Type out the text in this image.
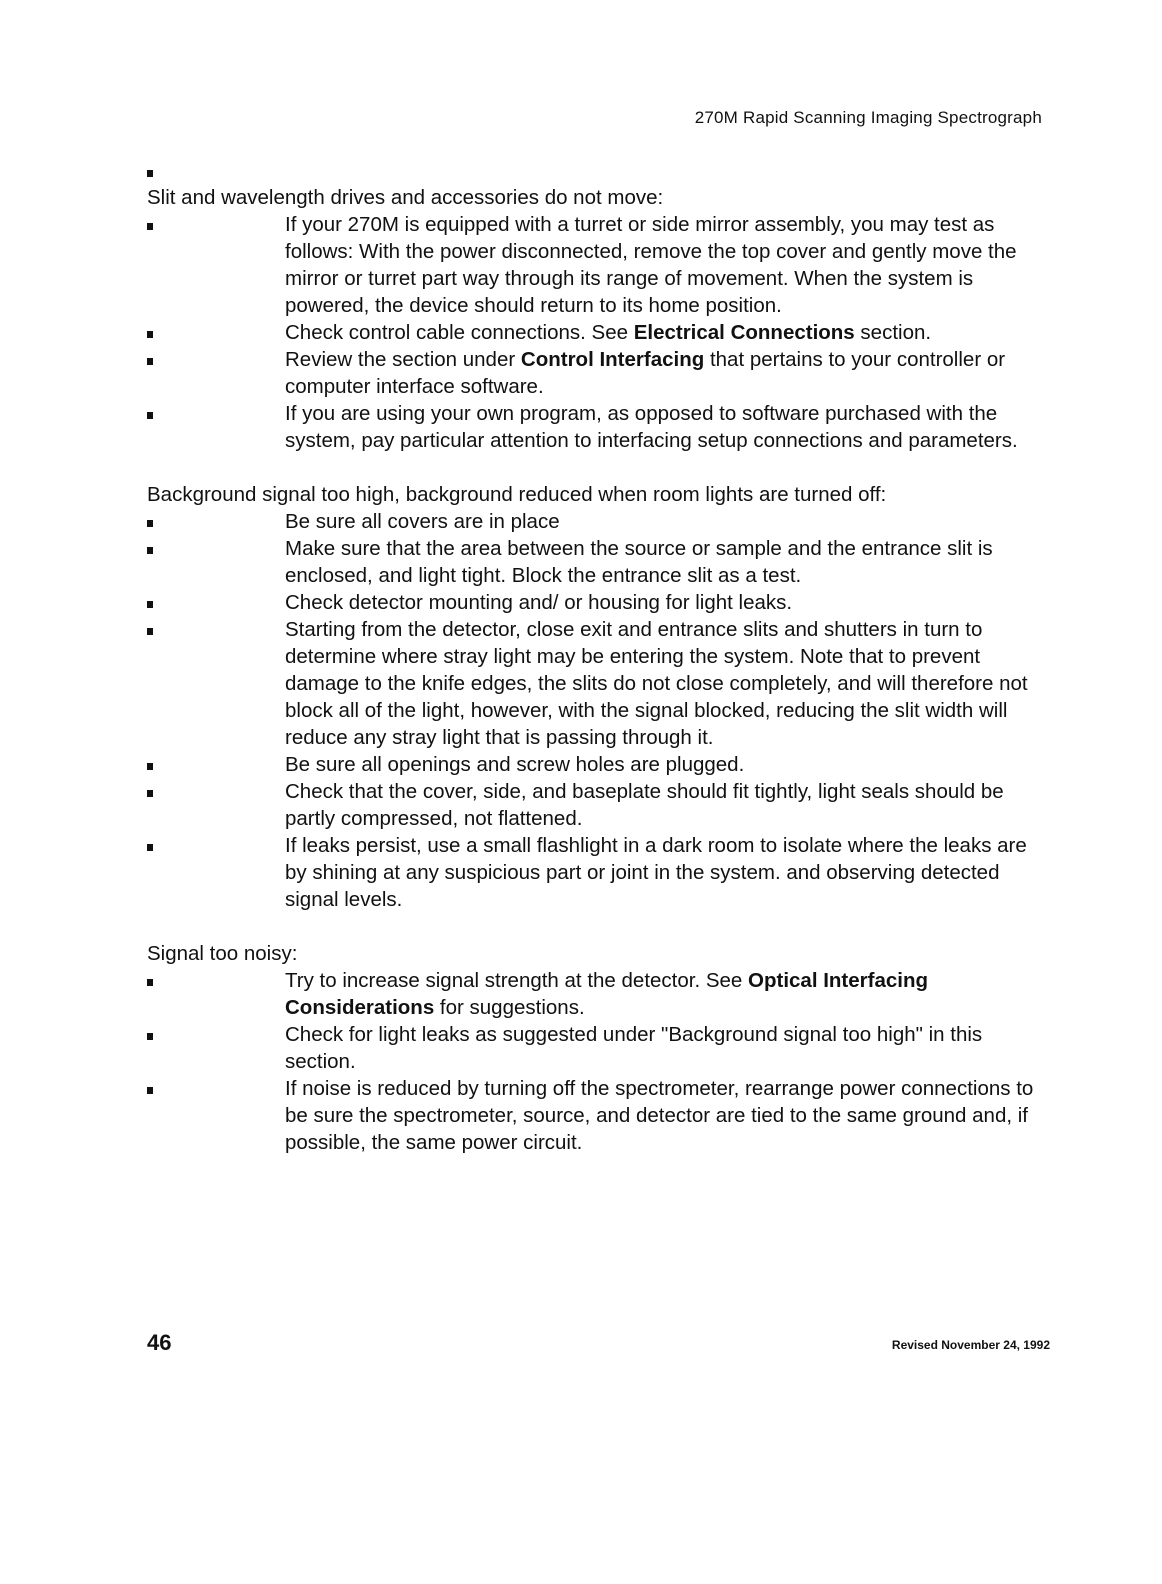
270M Rapid Scanning Imaging Spectrograph
Slit and wavelength drives and accessories do not move:
If your 270M is equipped with a turret or side mirror assembly, you may test as follows: With the power disconnected, remove the top cover and gently move the mirror or turret part way through its range of movement. When the system is powered, the device should return to its home position.
Check control cable connections. See Electrical Connections section.
Review the section under Control Interfacing that pertains to your controller or computer interface software.
If you are using your own program, as opposed to software purchased with the system, pay particular attention to interfacing setup connections and parameters.
Background signal too high, background reduced when room lights are turned off:
Be sure all covers are in place
Make sure that the area between the source or sample and the entrance slit is enclosed, and light tight. Block the entrance slit as a test.
Check detector mounting and/ or housing for light leaks.
Starting from the detector, close exit and entrance slits and shutters in turn to determine where stray light may be entering the system. Note that to prevent damage to the knife edges, the slits do not close completely, and will therefore not block all of the light, however, with the signal blocked, reducing the slit width will reduce any stray light that is passing through it.
Be sure all openings and screw holes are plugged.
Check that the cover, side, and baseplate should fit tightly, light seals should be partly compressed, not flattened.
If leaks persist, use a small flashlight in a dark room to isolate where the leaks are by shining at any suspicious part or joint in the system. and observing detected signal levels.
Signal too noisy:
Try to increase signal strength at the detector. See Optical Interfacing Considerations for suggestions.
Check for light leaks as suggested under "Background signal too high" in this section.
If noise is reduced by turning off the spectrometer, rearrange power connections to be sure the spectrometer, source, and detector are tied to the same ground and, if possible, the same power circuit.
46	Revised November 24, 1992
